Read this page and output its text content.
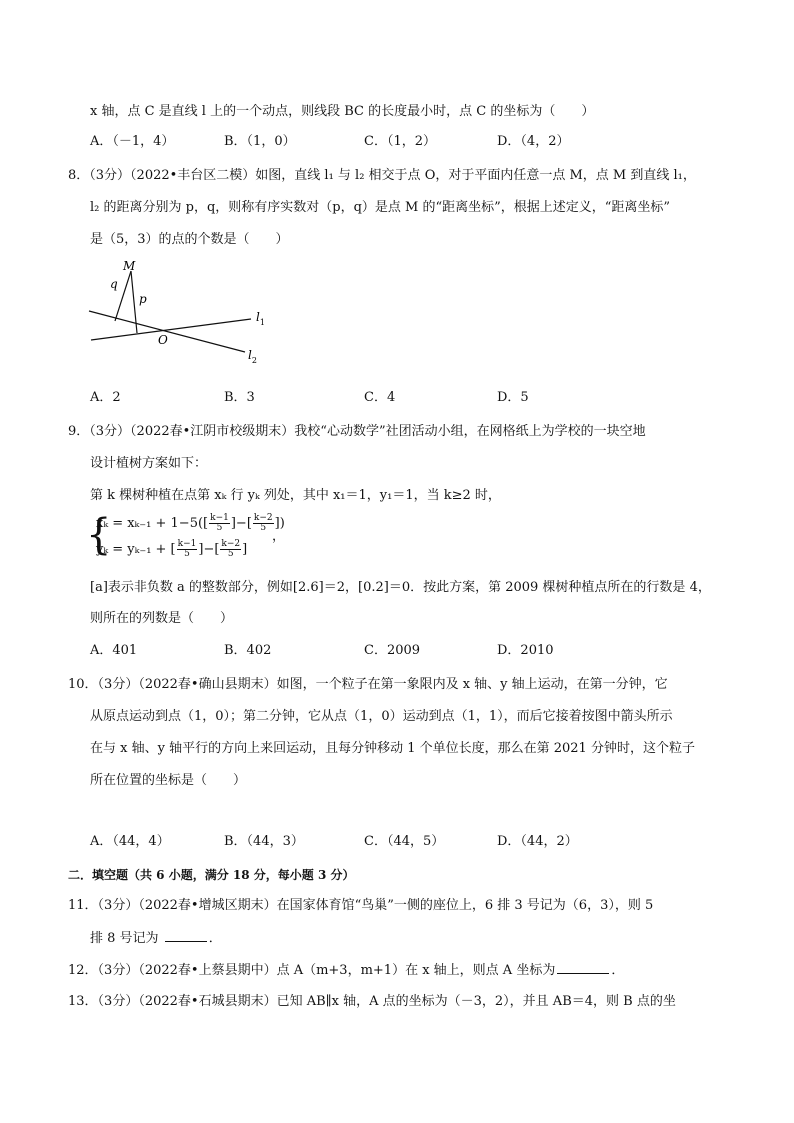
x 轴，点 C 是直线 l 上的一个动点，则线段 BC 的长度最小时，点 C 的坐标为（　　）
A．（－1，4）	B．（1，0）	C．（1，2）	D．（4，2）
8．（3分）（2022•丰台区二模）如图，直线 l₁ 与 l₂ 相交于点 O，对于平面内任意一点 M，点 M 到直线 l₁，
l₂ 的距离分别为 p，q，则称有序实数对（p，q）是点 M 的“距离坐标”，根据上述定义，“距离坐标”
是（5，3）的点的个数是（　　）
M
q
p
O
$l_1$
$l_2$
A．2	B．3	C．4	D．5
9．（3分）（2022春•江阴市校级期末）我校“心动数学”社团活动小组，在网格纸上为学校的一块空地
设计植树方案如下：
第 k 棵树种植在点第 xₖ 行 yₖ 列处，其中 x₁＝1，y₁＝1，当 k≥2 时，
{
$x_k = x_{k-1} + 1-5([ \frac{k-1}{5}$ ]−[ $\frac{k-2}{5}$ ])
yₖ = yₖ₋₁ + [ $\frac{k-1}{5}$ ]−[ $\frac{k-2}{5}$ ]
，
[a]表示非负数 a 的整数部分，例如[2.6]＝2，[0.2]＝0．按此方案，第 2009 棵树种植点所在的行数是 4，
则所在的列数是（　　）
A．401	B．402	C．2009	D．2010
10．（3分）（2022春•确山县期末）如图，一个粒子在第一象限内及 x 轴、y 轴上运动，在第一分钟，它
从原点运动到点（1，0）；第二分钟，它从点（1，0）运动到点（1，1），而后它接着按图中箭头所示
在与 x 轴、y 轴平行的方向上来回运动，且每分钟移动 1 个单位长度，那么在第 2021 分钟时，这个粒子
所在位置的坐标是（　　）
A．（44，4）	B．（44，3）	C．（44，5）	D．（44，2）
二．填空题（共 6 小题，满分 18 分，每小题 3 分）
11．（3分）（2022春•增城区期末）在国家体育馆“鸟巢”一侧的座位上，6 排 3 号记为（6，3），则 5
排 8 号记为	．
12．（3分）（2022春•上蔡县期中）点 A（m+3，m+1）在 x 轴上，则点 A 坐标为	．
13．（3分）（2022春•石城县期末）已知 AB∥x 轴，A 点的坐标为（－3，2），并且 AB＝4，则 B 点的坐
